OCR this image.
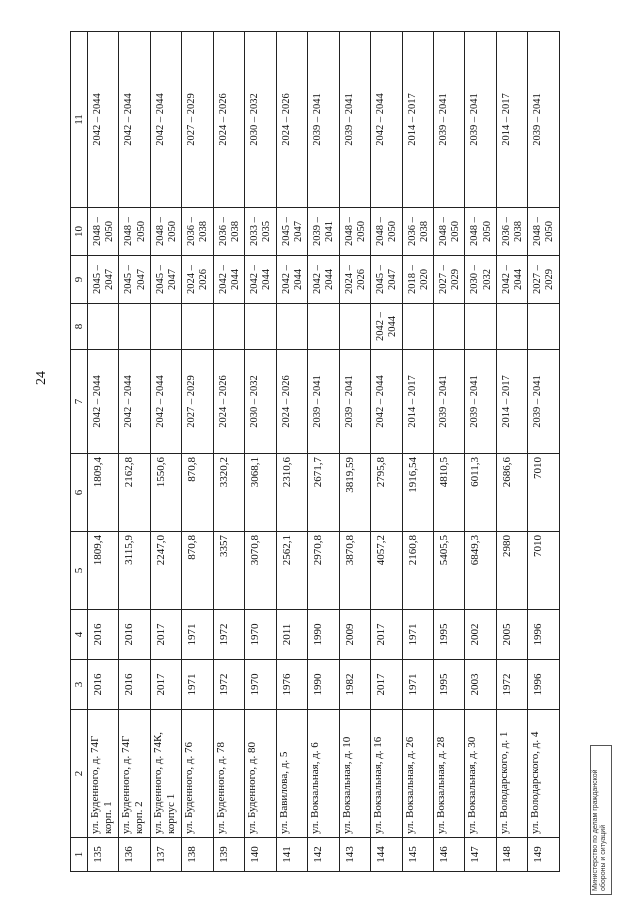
24
1	2	3	4	5	6	7	8	9	10	11
135	ул. Буденного, д. 74Г корп. 1	2016	2016	1809,4	1809,4	2042 – 2044		2045 – 2047	2048 – 2050	2042 – 2044
136	ул. Буденного, д. 74Г корп. 2	2016	2016	3115,9	2162,8	2042 – 2044		2045 – 2047	2048 – 2050	2042 – 2044
137	ул. Буденного, д. 74К, корпус 1	2017	2017	2247,0	1550,6	2042 – 2044		2045 – 2047	2048 – 2050	2042 – 2044
138	ул. Буденного, д. 76	1971	1971	870,8	870,8	2027 – 2029		2024 – 2026	2036 – 2038	2027 – 2029
139	ул. Буденного, д. 78	1972	1972	3357	3320,2	2024 – 2026		2042 – 2044	2036 – 2038	2024 – 2026
140	ул. Буденного, д. 80	1970	1970	3070,8	3068,1	2030 – 2032		2042 – 2044	2033 – 2035	2030 – 2032
141	ул. Вавилова, д. 5	1976	2011	2562,1	2310,6	2024 – 2026		2042 – 2044	2045 – 2047	2024 – 2026
142	ул. Вокзальная, д. 6	1990	1990	2970,8	2671,7	2039 – 2041		2042 – 2044	2039 – 2041	2039 – 2041
143	ул. Вокзальная, д. 10	1982	2009	3870,8	3819,59	2039 – 2041		2024 – 2026	2048 – 2050	2039 – 2041
144	ул. Вокзальная, д. 16	2017	2017	4057,2	2795,8	2042 – 2044	2042 – 2044	2045 – 2047	2048 – 2050	2042 – 2044
145	ул. Вокзальная, д. 26	1971	1971	2160,8	1916,54	2014 – 2017		2018 – 2020	2036 – 2038	2014 – 2017
146	ул. Вокзальная, д. 28	1995	1995	5405,5	4810,5	2039 – 2041		2027 – 2029	2048 – 2050	2039 – 2041
147	ул. Вокзальная, д. 30	2003	2002	6849,3	6011,3	2039 – 2041		2030 – 2032	2048 – 2050	2039 – 2041
148	ул. Володарского, д. 1	1972	2005	2980	2686,6	2014 – 2017		2042 – 2044	2036 – 2038	2014 – 2017
149	ул. Володарского, д. 4	1996	1996	7010	7010	2039 – 2041		2027 – 2029	2048 – 2050	2039 – 2041
Министерство по делам гражданской обороны и ситуаций
